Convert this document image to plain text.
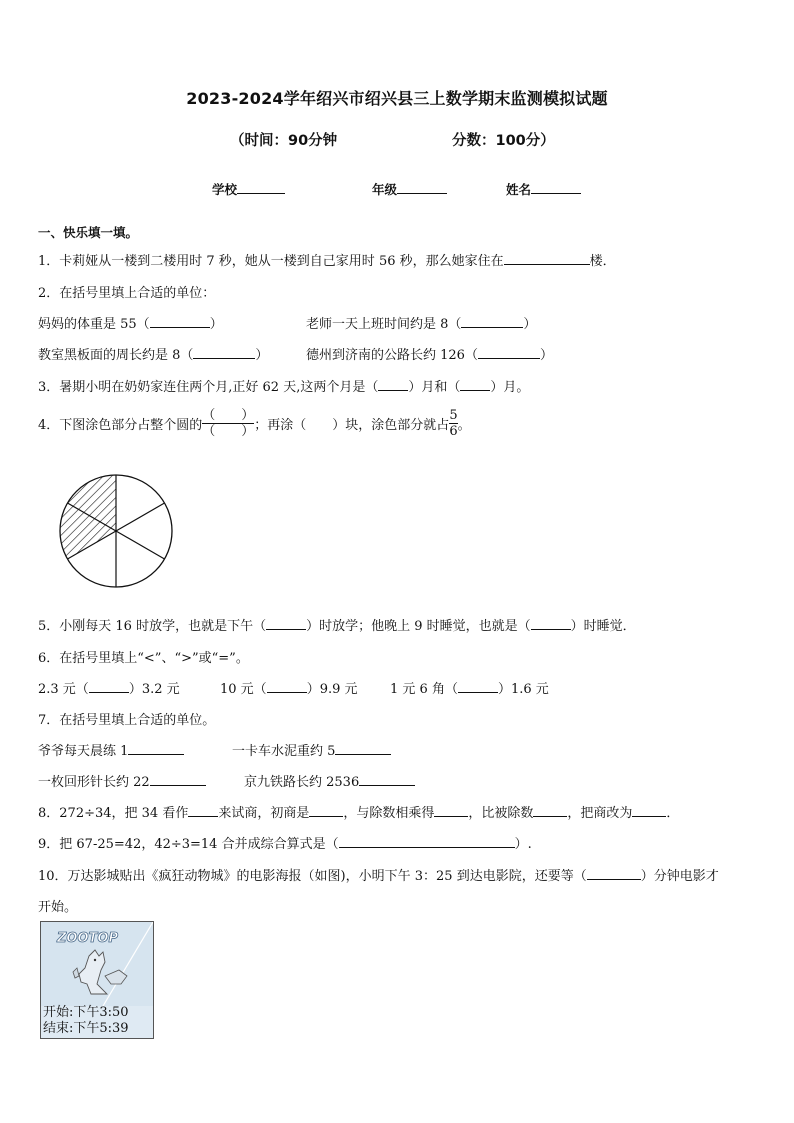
2023-2024学年绍兴市绍兴县三上数学期末监测模拟试题
（时间：90分钟	分数：100分）
学校	年级	姓名
一、快乐填一填。
1．卡莉娅从一楼到二楼用时 7 秒，她从一楼到自己家用时 56 秒，那么她家住在	楼．
2．在括号里填上合适的单位：
妈妈的体重是 55（	）	老师一天上班时间约是 8（	）
教室黑板面的周长约是 8（	）	德州到济南的公路长约 126（	）
3．暑期小明在奶奶家连住两个月,正好 62 天,这两个月是（ ）月和（ ）月。
4．下图涂色部分占整个圆的 $\frac{( )}{( )}$ ；再涂（　　）块，涂色部分就占 $\frac{5}{6}$ 。
5．小刚每天 16 时放学，也就是下午（	）时放学；他晚上 9 时睡觉，也就是（	）时睡觉．
6．在括号里填上“<”、“>”或“=”。
2.3 元（	）3.2 元	10 元（	）9.9 元	1 元 6 角（	）1.6 元
7．在括号里填上合适的单位。
爷爷每天晨练 1	一卡车水泥重约 5
一枚回形针长约 22	京九铁路长约 2536
8．272÷34，把 34 看作 来试商，初商是	，与除数相乘得	，比被除数	，把商改为	．
9．把 67-25=42，42÷3=14 合并成综合算式是（	）.
10．万达影城贴出《疯狂动物城》的电影海报（如图)，小明下午 3：25 到达电影院，还要等（	）分钟电影才
开始。
ZOOTOP
开始:下午3:50
结束:下午5:39
